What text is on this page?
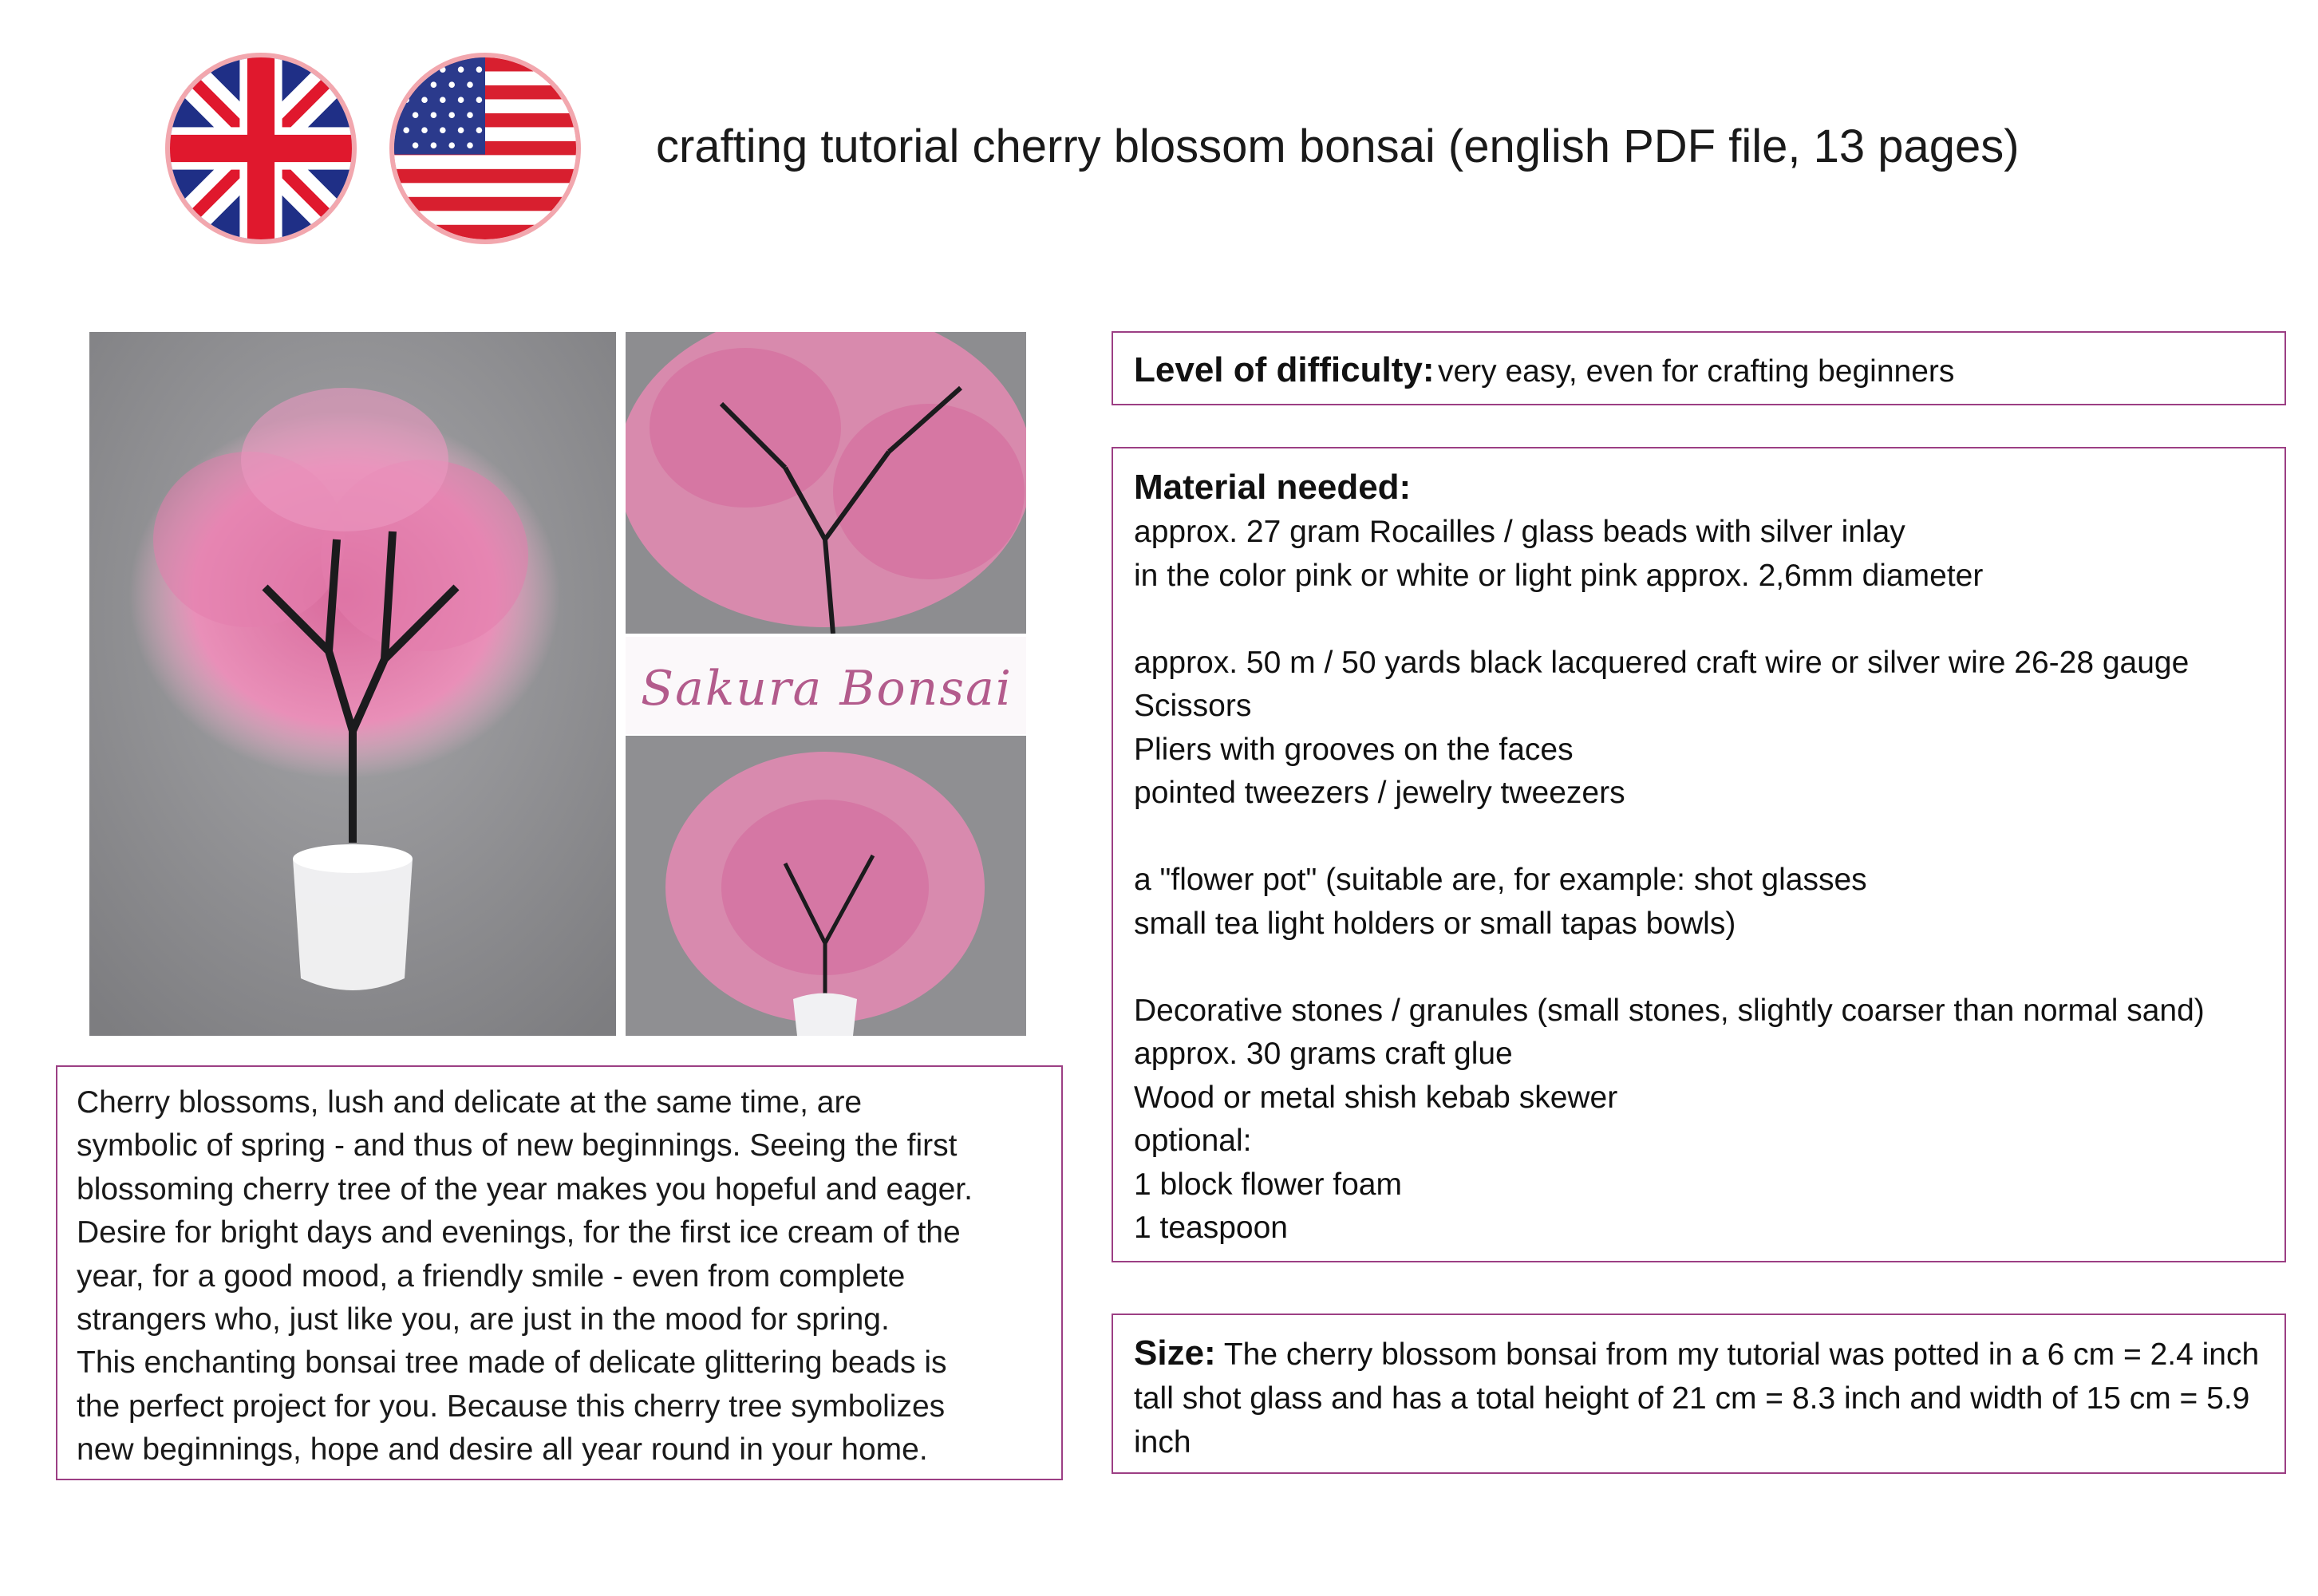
crafting tutorial cherry blossom bonsai (english PDF file, 13 pages)
Sakura Bonsai

Cherry blossoms, lush and delicate at the same time, are

symbolic of spring - and thus of new beginnings. Seeing the first

blossoming cherry tree of the year makes you hopeful and eager.

Desire for bright days and evenings, for the first ice cream of the

year, for a good mood, a friendly smile - even from complete

strangers who, just like you, are just in the mood for spring.

This enchanting bonsai tree made of delicate glittering beads is

the perfect project for you. Because this cherry tree symbolizes

new beginnings, hope and desire all year round in your home.

Level of difficulty: very easy, even for crafting beginners

Material needed:

approx. 27 gram Rocailles / glass beads with silver inlay

in the color pink or white or light pink approx. 2,6mm diameter

approx. 50 m / 50 yards black lacquered craft wire or silver wire 26-28 gauge

Scissors

Pliers with grooves on the faces

pointed tweezers / jewelry tweezers

a "flower pot" (suitable are, for example: shot glasses

small tea light holders or small tapas bowls)

Decorative stones / granules (small stones, slightly coarser than normal sand)

approx. 30 grams craft glue

Wood or metal shish kebab skewer

optional:

1 block flower foam

1 teaspoon

Size: The cherry blossom bonsai from my tutorial was potted in a 6 cm = 2.4 inch tall shot glass and has a total height of 21 cm = 8.3 inch and width of 15 cm = 5.9 inch
